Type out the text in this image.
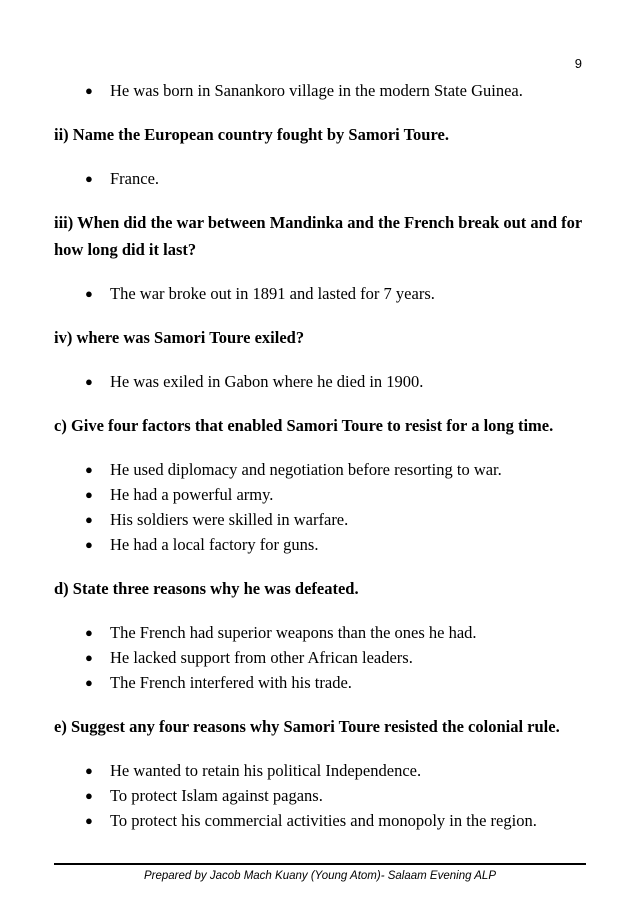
9
● He was born in Sanankoro village in the modern State Guinea.

ii) Name the European country fought by Samori Toure.

● France.

iii) When did the war between Mandinka and the French break out and for how long did it last?

● The war broke out in 1891 and lasted for 7 years.

iv) where was Samori Toure exiled?

● He was exiled in Gabon where he died in 1900.

c) Give four factors that enabled Samori Toure to resist for a long time.

● He used diplomacy and negotiation before resorting to war.
● He had a powerful army.
● His soldiers were skilled in warfare.
● He had a local factory for guns.

d) State three reasons why he was defeated.

● The French had superior weapons than the ones he had.
● He lacked support from other African leaders.
● The French interfered with his trade.

e) Suggest any four reasons why Samori Toure resisted the colonial rule.

● He wanted to retain his political Independence.
● To protect Islam against pagans.
● To protect his commercial activities and monopoly in the region.
Prepared by Jacob Mach Kuany (Young Atom)- Salaam Evening ALP
